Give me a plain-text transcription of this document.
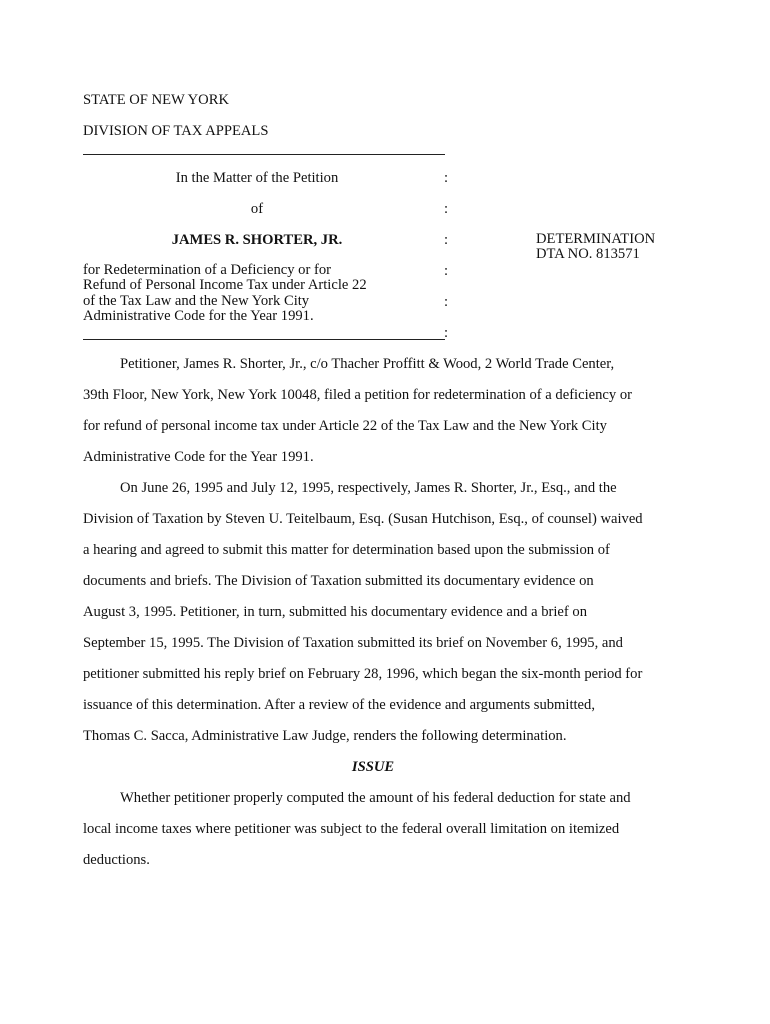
STATE OF NEW YORK
DIVISION OF TAX APPEALS
In the Matter of the Petition	:
of	:
JAMES R. SHORTER, JR.	:	DETERMINATION
DTA NO. 813571
for Redetermination of a Deficiency or for
Refund of Personal Income Tax under Article 22
of the Tax Law and the New York City
Administrative Code for the Year 1991.
:
:
:
Petitioner, James R. Shorter, Jr., c/o Thacher Proffitt & Wood, 2 World Trade Center,
39th Floor, New York, New York 10048, filed a petition for redetermination of a deficiency or
for refund of personal income tax under Article 22 of the Tax Law and the New York City
Administrative Code for the Year 1991.
On June 26, 1995 and July 12, 1995, respectively, James R. Shorter, Jr., Esq., and the
Division of Taxation by Steven U. Teitelbaum, Esq. (Susan Hutchison, Esq., of counsel) waived
a hearing and agreed to submit this matter for determination based upon the submission of
documents and briefs. The Division of Taxation submitted its documentary evidence on
August 3, 1995. Petitioner, in turn, submitted his documentary evidence and a brief on
September 15, 1995. The Division of Taxation submitted its brief on November 6, 1995, and
petitioner submitted his reply brief on February 28, 1996, which began the six-month period for
issuance of this determination. After a review of the evidence and arguments submitted,
Thomas C. Sacca, Administrative Law Judge, renders the following determination.
ISSUE
Whether petitioner properly computed the amount of his federal deduction for state and
local income taxes where petitioner was subject to the federal overall limitation on itemized
deductions.
